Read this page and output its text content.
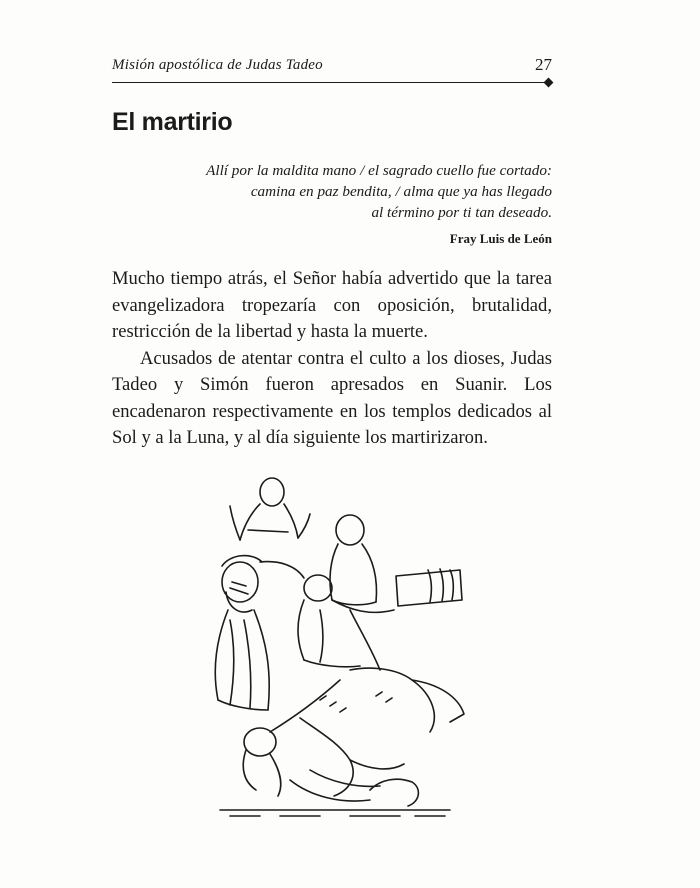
Misión apostólica de Judas Tadeo	27
El martirio
Allí por la maldita mano / el sagrado cuello fue cortado:
camina en paz bendita, / alma que ya has llegado
al término por ti tan deseado.
Fray Luis de León

Mucho tiempo atrás, el Señor había advertido que la tarea evangelizadora tropezaría con oposición, brutalidad, restricción de la libertad y hasta la muerte.

Acusados de atentar contra el culto a los dioses, Judas Tadeo y Simón fueron apresados en Suanir. Los encadenaron respectivamente en los templos dedicados al Sol y a la Luna, y al día siguiente los martirizaron.
